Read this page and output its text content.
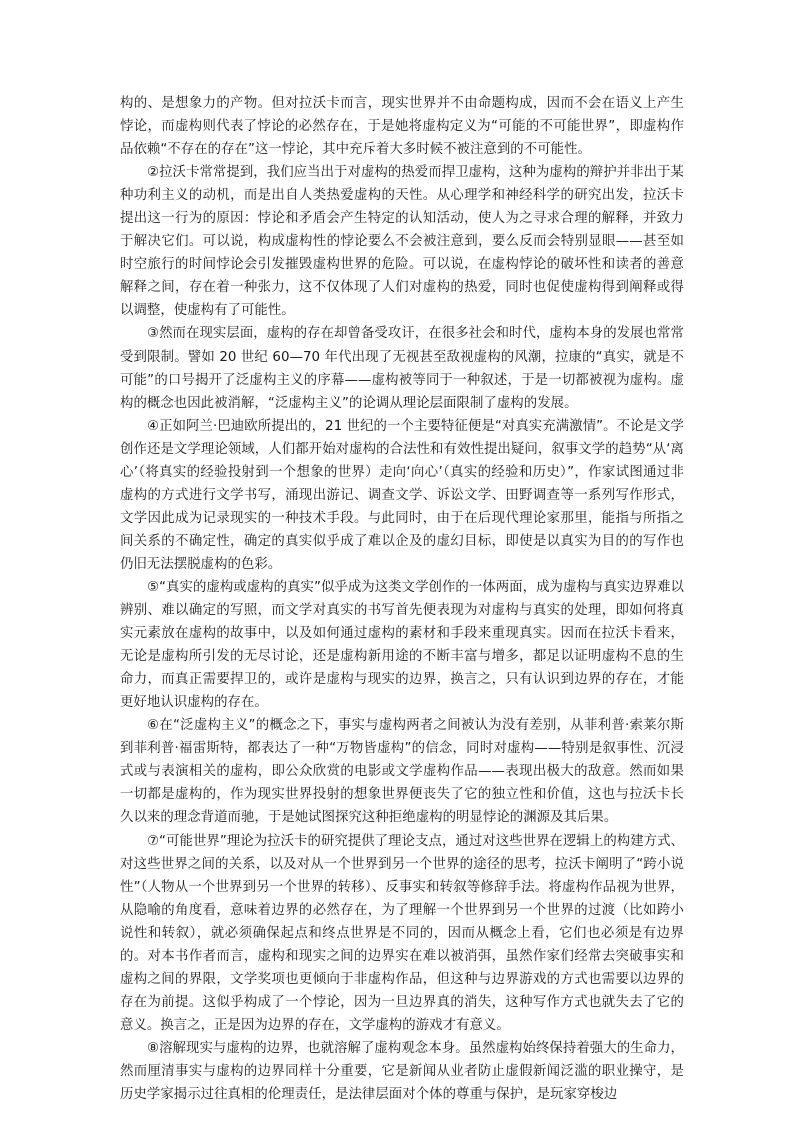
构的、是想象力的产物。但对拉沃卡而言，现实世界并不由命题构成，因而不会在语义上产生悖论，而虚构则代表了悖论的必然存在，于是她将虚构定义为“可能的不可能世界”，即虚构作品依赖“不存在的存在”这一悖论，其中充斥着大多时候不被注意到的不可能性。

②拉沃卡常常提到，我们应当出于对虚构的热爱而捍卫虚构，这种为虚构的辩护并非出于某种功利主义的动机，而是出自人类热爱虚构的天性。从心理学和神经科学的研究出发，拉沃卡提出这一行为的原因：悖论和矛盾会产生特定的认知活动，使人为之寻求合理的解释，并致力于解决它们。可以说，构成虚构性的悖论要么不会被注意到，要么反而会特别显眼——甚至如时空旅行的时间悖论会引发摧毁虚构世界的危险。可以说，在虚构悖论的破坏性和读者的善意解释之间，存在着一种张力，这不仅体现了人们对虚构的热爱，同时也促使虚构得到阐释或得以调整，使虚构有了可能性。

③然而在现实层面，虚构的存在却曾备受攻讦，在很多社会和时代，虚构本身的发展也常常受到限制。譬如 20 世纪 60—70 年代出现了无视甚至敌视虚构的风潮，拉康的“真实，就是不可能”的口号揭开了泛虚构主义的序幕——虚构被等同于一种叙述，于是一切都被视为虚构。虚构的概念也因此被消解，“泛虚构主义”的论调从理论层面限制了虚构的发展。

④正如阿兰·巴迪欧所提出的，21 世纪的一个主要特征便是“对真实充满激情”。不论是文学创作还是文学理论领域，人们都开始对虚构的合法性和有效性提出疑问，叙事文学的趋势“从‘离心’（将真实的经验投射到一个想象的世界）走向‘向心’（真实的经验和历史）”，作家试图通过非虚构的方式进行文学书写，涌现出游记、调查文学、诉讼文学、田野调查等一系列写作形式，文学因此成为记录现实的一种技术手段。与此同时，由于在后现代理论家那里，能指与所指之间关系的不确定性，确定的真实似乎成了难以企及的虚幻目标，即使是以真实为目的的写作也仍旧无法摆脱虚构的色彩。

⑤“真实的虚构或虚构的真实”似乎成为这类文学创作的一体两面，成为虚构与真实边界难以辨别、难以确定的写照，而文学对真实的书写首先便表现为对虚构与真实的处理，即如何将真实元素放在虚构的故事中，以及如何通过虚构的素材和手段来重现真实。因而在拉沃卡看来，无论是虚构所引发的无尽讨论，还是虚构新用途的不断丰富与增多，都足以证明虚构不息的生命力，而真正需要捍卫的，或许是虚构与现实的边界，换言之，只有认识到边界的存在，才能更好地认识虚构的存在。

⑥在“泛虚构主义”的概念之下，事实与虚构两者之间被认为没有差别，从菲利普·索莱尔斯到菲利普·福雷斯特，都表达了一种“万物皆虚构”的信念，同时对虚构——特别是叙事性、沉浸式或与表演相关的虚构，即公众欣赏的电影或文学虚构作品——表现出极大的敌意。然而如果一切都是虚构的，作为现实世界投射的想象世界便丧失了它的独立性和价值，这也与拉沃卡长久以来的理念背道而驰，于是她试图探究这种拒绝虚构的明显悖论的渊源及其后果。

⑦“可能世界”理论为拉沃卡的研究提供了理论支点，通过对这些世界在逻辑上的构建方式、对这些世界之间的关系，以及对从一个世界到另一个世界的途径的思考，拉沃卡阐明了“跨小说性”（人物从一个世界到另一个世界的转移）、反事实和转叙等修辞手法。将虚构作品视为世界，从隐喻的角度看，意味着边界的必然存在，为了理解一个世界到另一个世界的过渡（比如跨小说性和转叙），就必须确保起点和终点世界是不同的，因而从概念上看，它们也必须是有边界的。对本书作者而言，虚构和现实之间的边界实在难以被消弭，虽然作家们经常去突破事实和虚构之间的界限，文学奖项也更倾向于非虚构作品，但这种与边界游戏的方式也需要以边界的存在为前提。这似乎构成了一个悖论，因为一旦边界真的消失，这种写作方式也就失去了它的意义。换言之，正是因为边界的存在，文学虚构的游戏才有意义。

⑧溶解现实与虚构的边界，也就溶解了虚构观念本身。虽然虚构始终保持着强大的生命力，然而厘清事实与虚构的边界同样十分重要，它是新闻从业者防止虚假新闻泛滥的职业操守，是历史学家揭示过往真相的伦理责任，是法律层面对个体的尊重与保护，是玩家穿梭边
